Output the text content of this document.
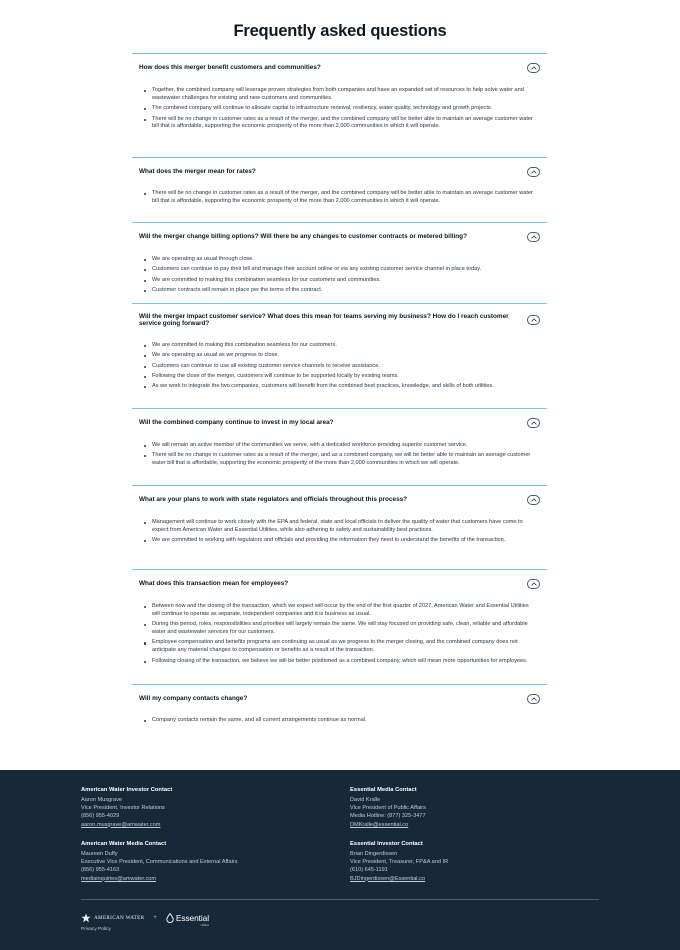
Frequently asked questions
How does this merger benefit customers and communities?
Together, the combined company will leverage proven strategies from both companies and have an expanded set of resources to help solve water and wastewater challenges for existing and new customers and communities.
The combined company will continue to allocate capital to infrastructure renewal, resiliency, water quality, technology and growth projects.
There will be no change in customer rates as a result of the merger, and the combined company will be better able to maintain an average customer water bill that is affordable, supporting the economic prosperity of the more than 2,000 communities in which it will operate.
What does the merger mean for rates?
There will be no change in customer rates as a result of the merger, and the combined company will be better able to maintain an average customer water bill that is affordable, supporting the economic prosperity of the more than 2,000 communities in which it will operate.
Will the merger change billing options? Will there be any changes to customer contracts or metered billing?
We are operating as usual through close.
Customers can continue to pay their bill and manage their account online or via any existing customer service channel in place today.
We are committed to making this combination seamless for our customers and communities.
Customer contracts will remain in place per the terms of the contract.
Will the merger impact customer service? What does this mean for teams serving my business? How do I reach customer service going forward?
We are committed to making this combination seamless for our customers.
We are operating as usual as we progress to close.
Customers can continue to use all existing customer service channels to receive assistance.
Following the close of the merger, customers will continue to be supported locally by existing teams.
As we work to integrate the two companies, customers will benefit from the combined best practices, knowledge, and skills of both utilities.
Will the combined company continue to invest in my local area?
We will remain an active member of the communities we serve, with a dedicated workforce providing superior customer service.
There will be no change in customer rates as a result of the merger, and as a combined company, we will be better able to maintain an average customer water bill that is affordable, supporting the economic prosperity of the more than 2,000 communities in which we will operate.
What are your plans to work with state regulators and officials throughout this process?
Management will continue to work closely with the EPA and federal, state and local officials to deliver the quality of water that customers have come to expect from American Water and Essential Utilities, while also adhering to safety and sustainability best practices.
We are committed to working with regulators and officials and providing the information they need to understand the benefits of the transaction.
What does this transaction mean for employees?
Between now and the closing of the transaction, which we expect will occur by the end of the first quarter of 2027, American Water and Essential Utilities will continue to operate as separate, independent companies and it is business as usual.
During this period, roles, responsibilities and priorities will largely remain the same. We will stay focused on providing safe, clean, reliable and affordable water and wastewater services for our customers.
Employee compensation and benefits programs are continuing as usual as we progress to the merger closing, and the combined company does not anticipate any material changes to compensation or benefits as a result of the transaction.
Following closing of the transaction, we believe we will be better positioned as a combined company, which will mean more opportunities for employees.
Will my company contacts change?
Company contacts remain the same, and all current arrangements continue as normal.
American Water Investor Contact
Aaron Musgrave
Vice President, Investor Relations
(856) 955-4029
aaron.musgrave@amwater.com
Essential Media Contact
David Kralle
Vice President of Public Affairs
Media Hotline: (877) 325-3477
DMKralle@essential.co
American Water Media Contact
Maureen Duffy
Executive Vice President, Communications and External Affairs
(856) 955-4163
mediainquiries@amwater.com
Essential Investor Contact
Brian Dingerdissen
Vice President, Treasurer, FP&A and IR
(610) 645-1191
BJDingerdissen@Essential.co
AMERICAN WATER + Essential
Utilities
Privacy Policy
